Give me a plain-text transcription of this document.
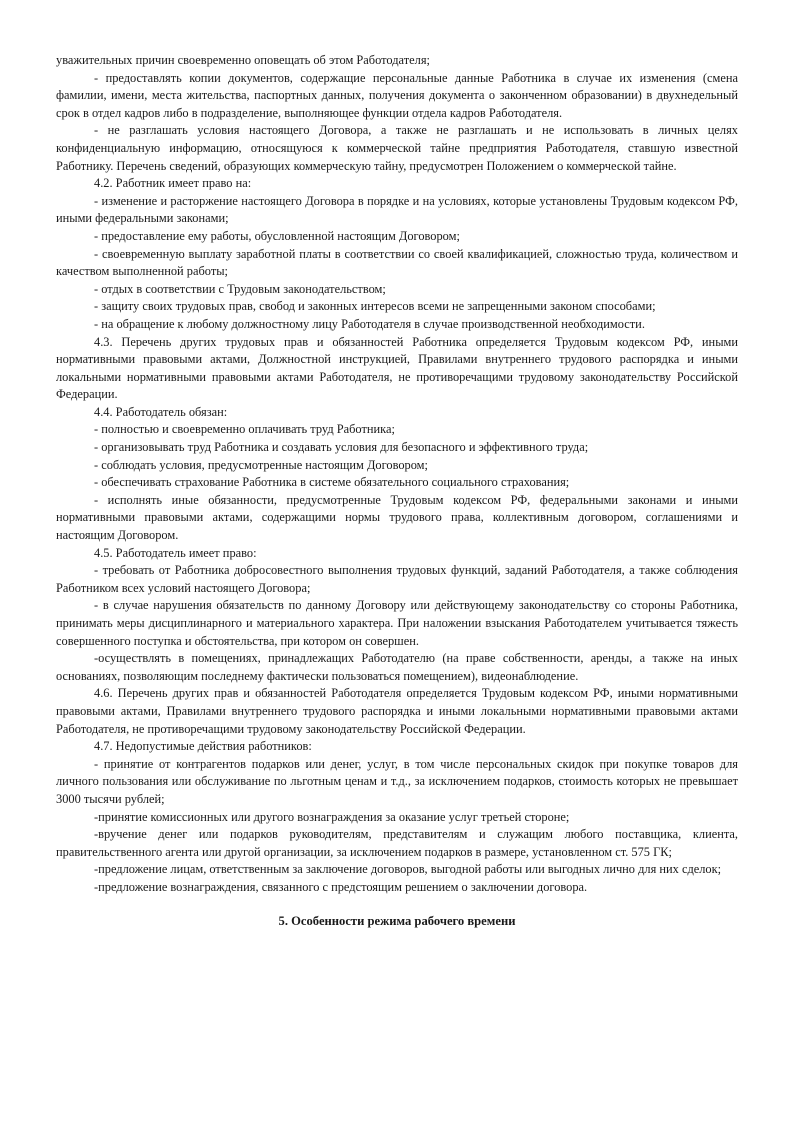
уважительных причин своевременно оповещать об этом Работодателя;

- предоставлять копии документов, содержащие персональные данные Работника в случае их изменения (смена фамилии, имени, места жительства, паспортных данных, получения документа о законченном образовании) в двухнедельный срок в отдел кадров либо в подразделение, выполняющее функции отдела кадров Работодателя.

- не разглашать условия настоящего Договора, а также не разглашать и не использовать в личных целях конфиденциальную информацию, относящуюся к коммерческой тайне предприятия Работодателя, ставшую известной Работнику. Перечень сведений, образующих коммерческую тайну, предусмотрен Положением о коммерческой тайне.

4.2. Работник имеет право на:

- изменение и расторжение настоящего Договора в порядке и на условиях, которые установлены Трудовым кодексом РФ, иными федеральными законами;

- предоставление ему работы, обусловленной настоящим Договором;

- своевременную выплату заработной платы в соответствии со своей квалификацией, сложностью труда, количеством и качеством выполненной работы;

- отдых в соответствии с Трудовым законодательством;

- защиту своих трудовых прав, свобод и законных интересов всеми не запрещенными законом способами;

- на обращение к любому должностному лицу Работодателя в случае производственной необходимости.

4.3. Перечень других трудовых прав и обязанностей Работника определяется Трудовым кодексом РФ, иными нормативными правовыми актами, Должностной инструкцией, Правилами внутреннего трудового распорядка и иными локальными нормативными правовыми актами Работодателя, не противоречащими трудовому законодательству Российской Федерации.

4.4. Работодатель обязан:

- полностью и своевременно оплачивать труд Работника;

- организовывать труд Работника и создавать условия для безопасного и эффективного труда;

- соблюдать условия, предусмотренные настоящим Договором;

- обеспечивать страхование Работника в системе обязательного социального страхования;

- исполнять иные обязанности, предусмотренные Трудовым кодексом РФ, федеральными законами и иными нормативными правовыми актами, содержащими нормы трудового права, коллективным договором, соглашениями и настоящим Договором.

4.5. Работодатель имеет право:

- требовать от Работника добросовестного выполнения трудовых функций, заданий Работодателя, а также соблюдения Работником всех условий настоящего Договора;

- в случае нарушения обязательств по данному Договору или действующему законодательству со стороны Работника, принимать меры дисциплинарного и материального характера. При наложении взыскания Работодателем учитывается тяжесть совершенного поступка и обстоятельства, при котором он совершен.

-осуществлять в помещениях, принадлежащих Работодателю (на праве собственности, аренды, а также на иных основаниях, позволяющим последнему фактически пользоваться помещением), видеонаблюдение.

4.6. Перечень других прав и обязанностей Работодателя определяется Трудовым кодексом РФ, иными нормативными правовыми актами, Правилами внутреннего трудового распорядка и иными локальными нормативными правовыми актами Работодателя, не противоречащими трудовому законодательству Российской Федерации.

4.7. Недопустимые действия работников:

- принятие от контрагентов подарков или денег, услуг, в том числе персональных скидок при покупке товаров для личного пользования или обслуживание по льготным ценам и т.д., за исключением подарков, стоимость которых не превышает 3000 тысячи рублей;

-принятие комиссионных или другого вознаграждения за оказание услуг третьей стороне;

-вручение денег или подарков руководителям, представителям и служащим любого поставщика, клиента, правительственного агента или другой организации, за исключением подарков в размере, установленном ст. 575 ГК;

-предложение лицам, ответственным за заключение договоров, выгодной работы или выгодных лично для них сделок;

-предложение вознаграждения, связанного с предстоящим решением о заключении договора.

5. Особенности режима рабочего времени
